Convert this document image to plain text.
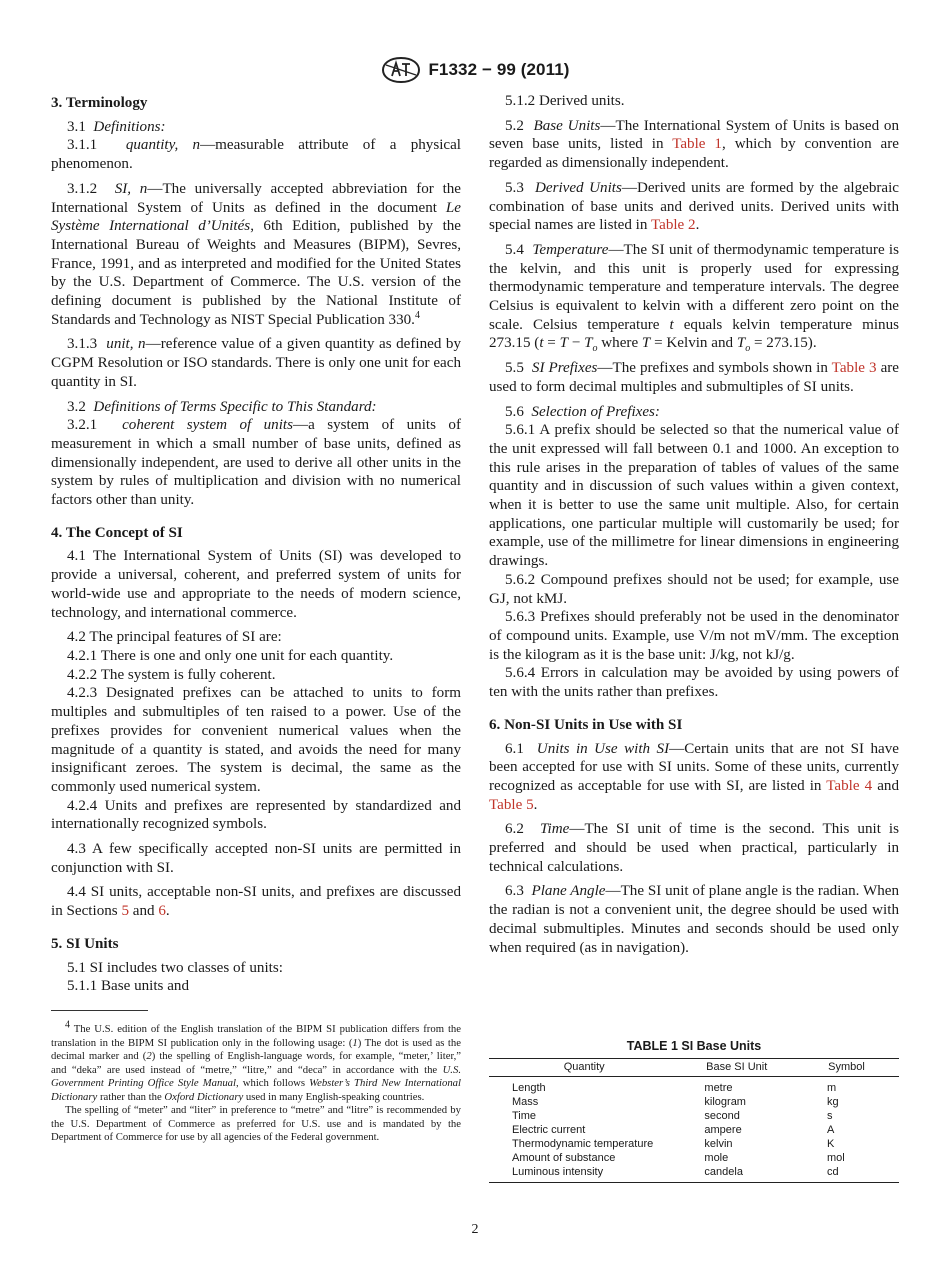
F1332 − 99 (2011)
3. Terminology

3.1 Definitions:

3.1.1 quantity, n—measurable attribute of a physical phenomenon.

3.1.2 SI, n—The universally accepted abbreviation for the International System of Units as defined in the document Le Système International d’Unités, 6th Edition, published by the International Bureau of Weights and Measures (BIPM), Sevres, France, 1991, and as interpreted and modified for the United States by the U.S. Department of Commerce. The U.S. version of the defining document is published by the National Institute of Standards and Technology as NIST Special Publication 330.$^4$

3.1.3 unit, n—reference value of a given quantity as defined by CGPM Resolution or ISO standards. There is only one unit for each quantity in SI.

3.2 Definitions of Terms Specific to This Standard:

3.2.1 coherent system of units—a system of units of measurement in which a small number of base units, defined as dimensionally independent, are used to derive all other units in the system by rules of multiplication and division with no numerical factors other than unity.

4. The Concept of SI

4.1 The International System of Units (SI) was developed to provide a universal, coherent, and preferred system of units for world-wide use and appropriate to the needs of modern science, technology, and international commerce.

4.2 The principal features of SI are:

4.2.1 There is one and only one unit for each quantity.

4.2.2 The system is fully coherent.

4.2.3 Designated prefixes can be attached to units to form multiples and submultiples of ten raised to a power. Use of the prefixes provides for convenient numerical values when the magnitude of a quantity is stated, and avoids the need for many insignificant zeroes. The system is decimal, the same as the commonly used numerical system.

4.2.4 Units and prefixes are represented by standardized and internationally recognized symbols.

4.3 A few specifically accepted non-SI units are permitted in conjunction with SI.

4.4 SI units, acceptable non-SI units, and prefixes are discussed in Sections 5 and 6.

5. SI Units

5.1 SI includes two classes of units:

5.1.1 Base units and

5.1.2 Derived units.

5.2 Base Units—The International System of Units is based on seven base units, listed in Table 1, which by convention are regarded as dimensionally independent.

5.3 Derived Units—Derived units are formed by the algebraic combination of base units and derived units. Derived units with special names are listed in Table 2.

5.4 Temperature—The SI unit of thermodynamic temperature is the kelvin, and this unit is properly used for expressing thermodynamic temperature and temperature intervals. The degree Celsius is equivalent to kelvin with a different zero point on the scale. Celsius temperature t equals kelvin temperature minus 273.15 ($t = T - T_o$ where T = Kelvin and $T_o = 273.15$).

5.5 SI Prefixes—The prefixes and symbols shown in Table 3 are used to form decimal multiples and submultiples of SI units.

5.6 Selection of Prefixes:

5.6.1 A prefix should be selected so that the numerical value of the unit expressed will fall between 0.1 and 1000. An exception to this rule arises in the preparation of tables of values of the same quantity and in discussion of such values within a given context, when it is better to use the same unit multiple. Also, for certain applications, one particular multiple will customarily be used; for example, use of the millimetre for linear dimensions in engineering drawings.

5.6.2 Compound prefixes should not be used; for example, use GJ, not kMJ.

5.6.3 Prefixes should preferably not be used in the denominator of compound units. Example, use V/m not mV/mm. The exception is the kilogram as it is the base unit: J/kg, not kJ/g.

5.6.4 Errors in calculation may be avoided by using powers of ten with the units rather than prefixes.

6. Non-SI Units in Use with SI

6.1 Units in Use with SI—Certain units that are not SI have been accepted for use with SI units. Some of these units, currently recognized as acceptable for use with SI, are listed in Table 4 and Table 5.

6.2 Time—The SI unit of time is the second. This unit is preferred and should be used when practical, particularly in technical calculations.

6.3 Plane Angle—The SI unit of plane angle is the radian. When the radian is not a convenient unit, the degree should be used with decimal submultiples. Minutes and seconds should be used only when required (as in navigation).

$^4$ The U.S. edition of the English translation of the BIPM SI publication differs from the translation in the BIPM SI publication only in the following usage: (1) The dot is used as the decimal marker and (2) the spelling of English-language words, for example, “meter,’ liter,” and “deka” are used instead of “metre,” “litre,” and “deca” in accordance with the U.S. Government Printing Office Style Manual, which follows Webster’s Third New International Dictionary rather than the Oxford Dictionary used in many English-speaking countries.

The spelling of “meter” and “liter” in preference to “metre” and “litre” is recommended by the U.S. Department of Commerce as preferred for U.S. use and is mandated by the Department of Commerce for use by all agencies of the Federal government.

TABLE 1 SI Base Units
Quantity	Base SI Unit	Symbol
Length	metre	m
Mass	kilogram	kg
Time	second	s
Electric current	ampere	A
Thermodynamic temperature	kelvin	K
Amount of substance	mole	mol
Luminous intensity	candela	cd
2
